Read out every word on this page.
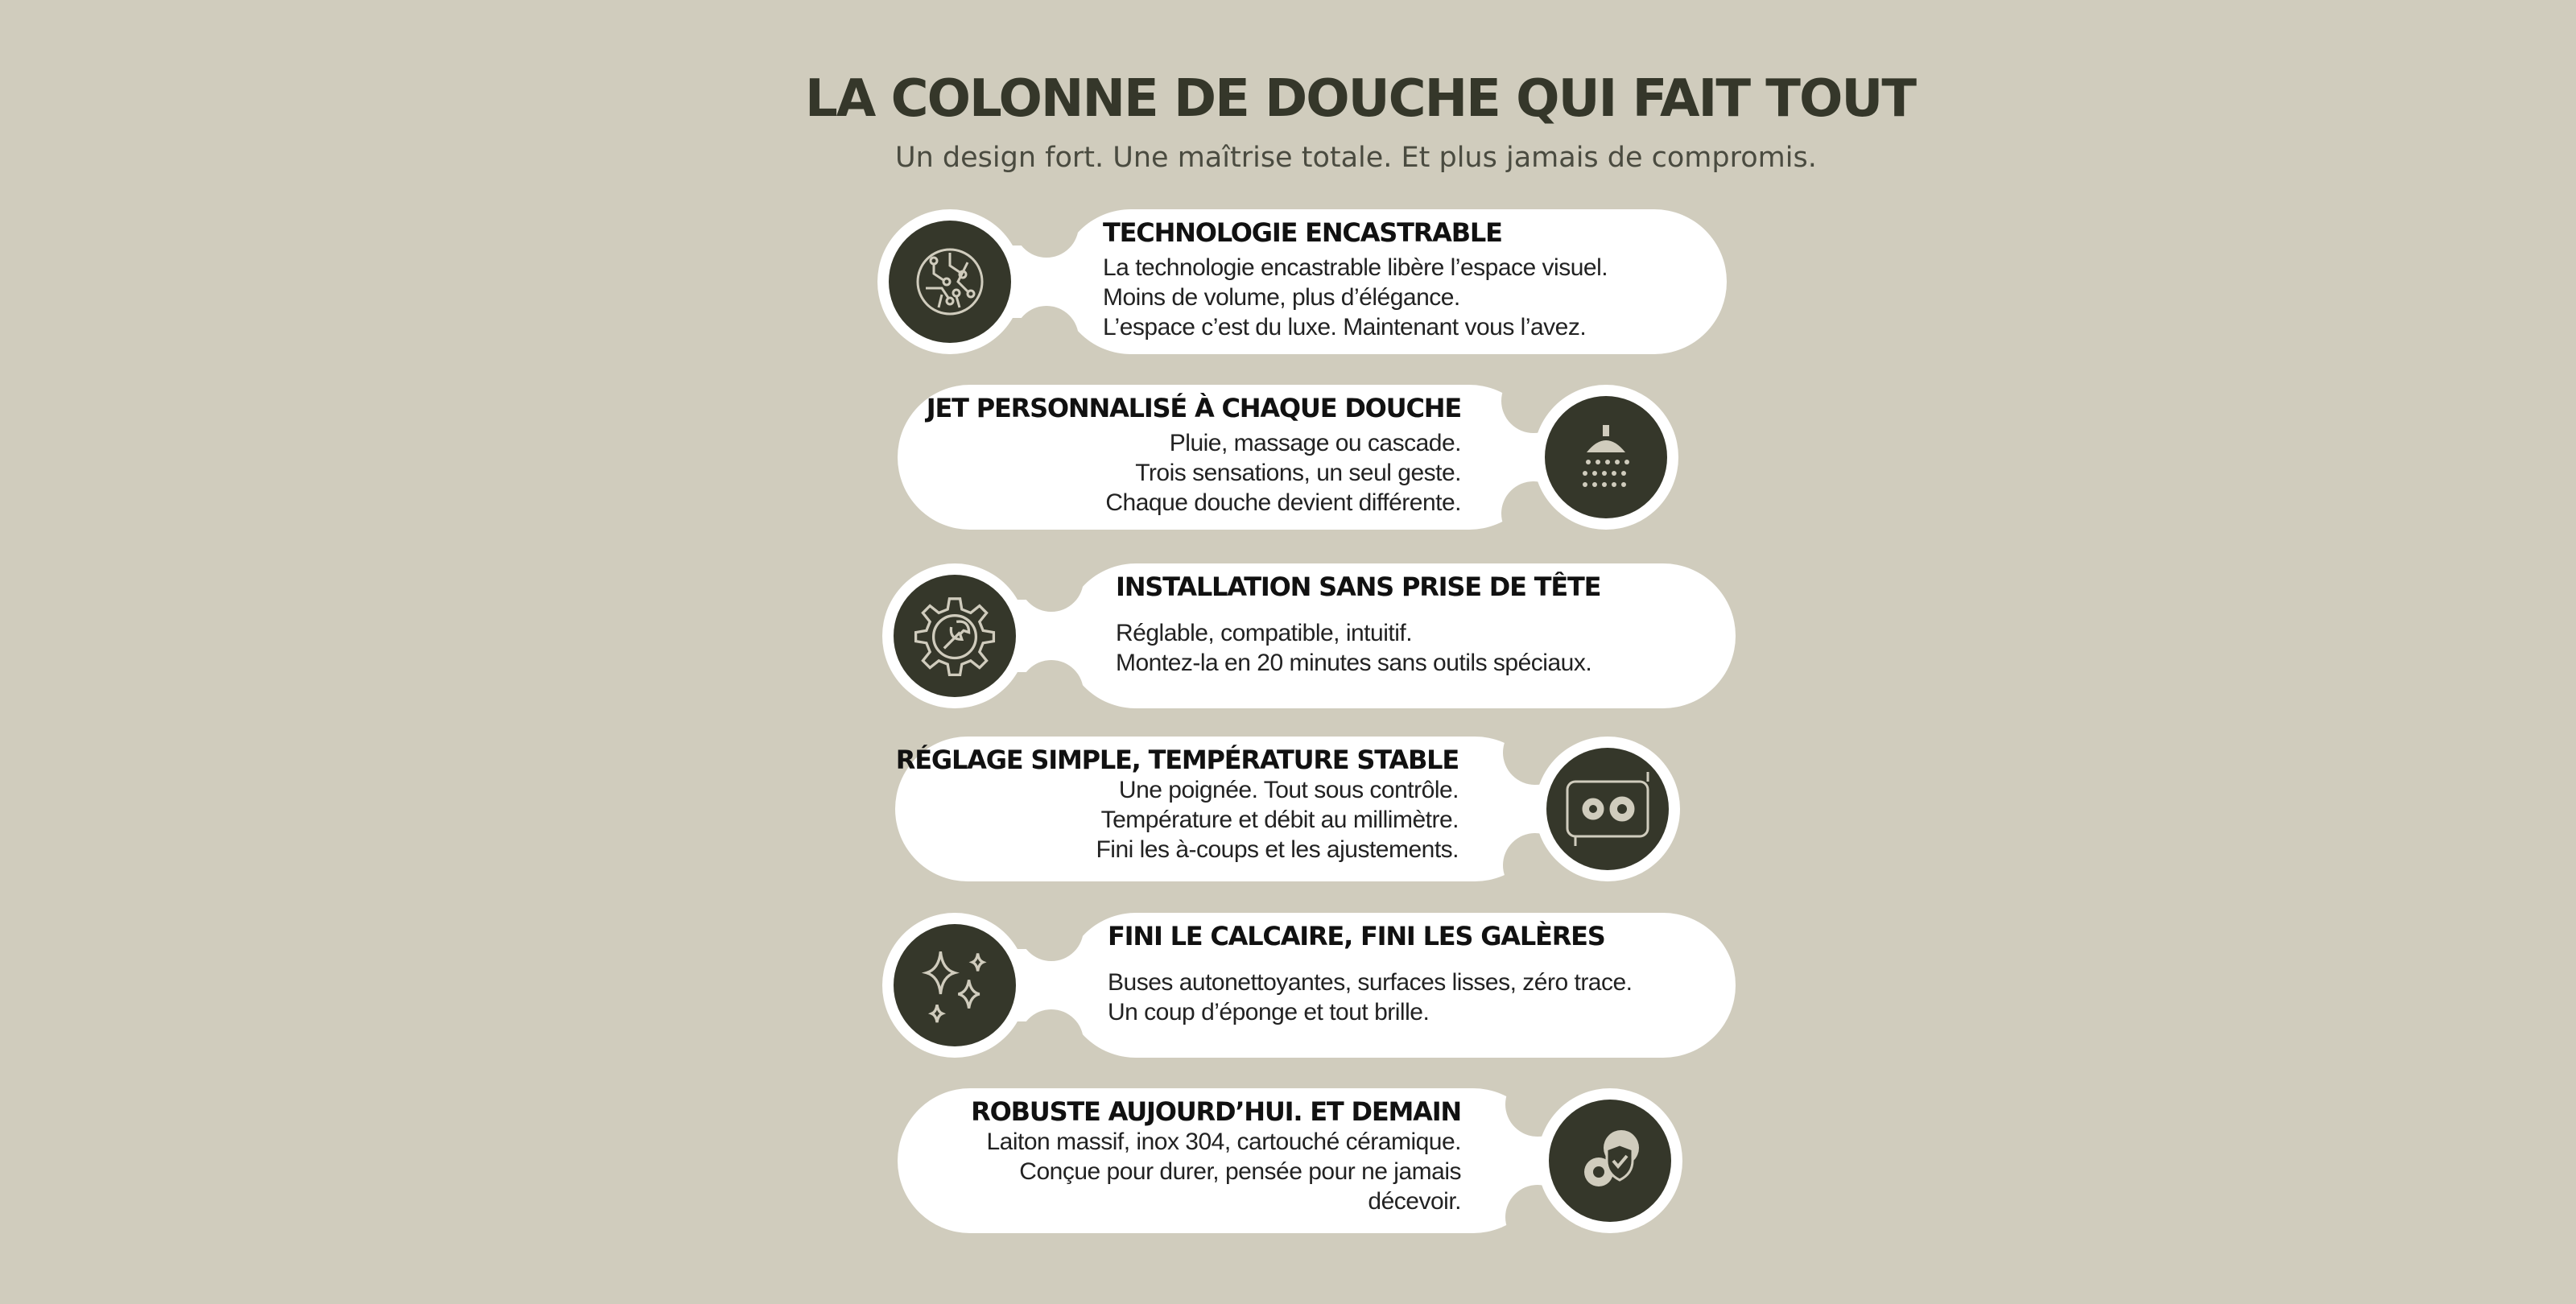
LA COLONNE DE DOUCHE QUI FAIT TOUT
Un design fort. Une maîtrise totale. Et plus jamais de compromis.
TECHNOLOGIE ENCASTRABLE

La technologie encastrable libère l’espace visuel.

Moins de volume, plus d’élégance.

L’espace c’est du luxe. Maintenant vous l’avez.

JET PERSONNALISÉ À CHAQUE DOUCHE

Pluie, massage ou cascade.

Trois sensations, un seul geste.

Chaque douche devient différente.

INSTALLATION SANS PRISE DE TÊTE

Réglable, compatible, intuitif.

Montez-la en 20 minutes sans outils spéciaux.

RÉGLAGE SIMPLE, TEMPÉRATURE STABLE

Une poignée. Tout sous contrôle.

Température et débit au millimètre.

Fini les à-coups et les ajustements.

FINI LE CALCAIRE, FINI LES GALÈRES

Buses autonettoyantes, surfaces lisses, zéro trace.

Un coup d’éponge et tout brille.

ROBUSTE AUJOURD’HUI. ET DEMAIN

Laiton massif, inox 304, cartouché céramique.

Conçue pour durer, pensée pour ne jamais

décevoir.
